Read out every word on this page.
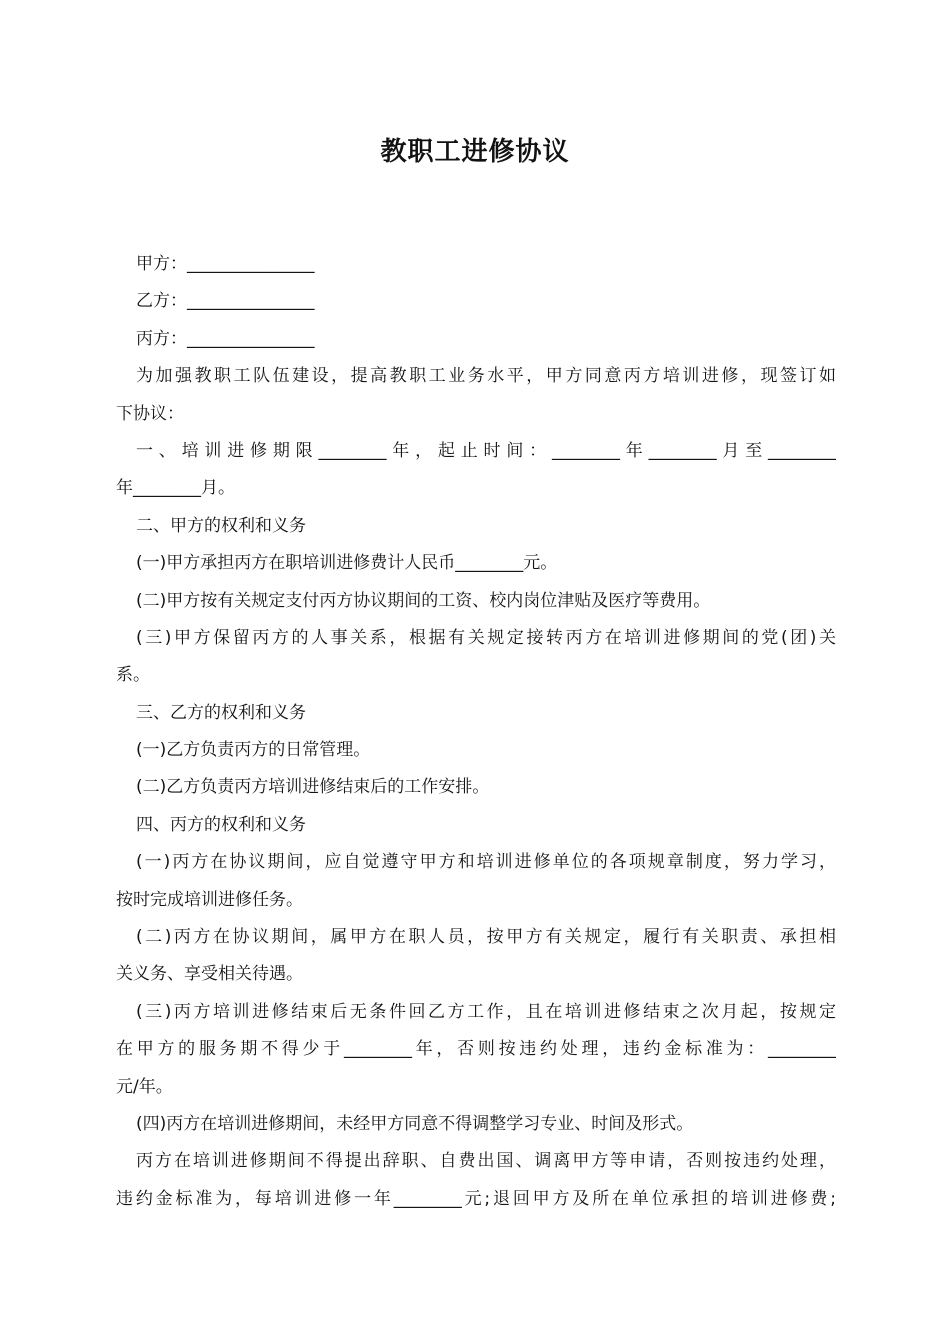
教职工进修协议
甲方：_______________
乙方：_______________
丙方：_______________
为加强教职工队伍建设，提高教职工业务水平，甲方同意丙方培训进修，现签订如
下协议：
一、培训进修期限________年，起止时间：________年________月至________
年________月。
二、甲方的权利和义务
(一)甲方承担丙方在职培训进修费计人民币________元。
(二)甲方按有关规定支付丙方协议期间的工资、校内岗位津贴及医疗等费用。
(三)甲方保留丙方的人事关系，根据有关规定接转丙方在培训进修期间的党(团)关
系。
三、乙方的权利和义务
(一)乙方负责丙方的日常管理。
(二)乙方负责丙方培训进修结束后的工作安排。
四、丙方的权利和义务
(一)丙方在协议期间，应自觉遵守甲方和培训进修单位的各项规章制度，努力学习，
按时完成培训进修任务。
(二)丙方在协议期间，属甲方在职人员，按甲方有关规定，履行有关职责、承担相
关义务、享受相关待遇。
(三)丙方培训进修结束后无条件回乙方工作，且在培训进修结束之次月起，按规定
在甲方的服务期不得少于________年，否则按违约处理，违约金标准为：________
元/年。
(四)丙方在培训进修期间，未经甲方同意不得调整学习专业、时间及形式。
丙方在培训进修期间不得提出辞职、自费出国、调离甲方等申请，否则按违约处理，
违约金标准为，每培训进修一年________元;退回甲方及所在单位承担的培训进修费;
